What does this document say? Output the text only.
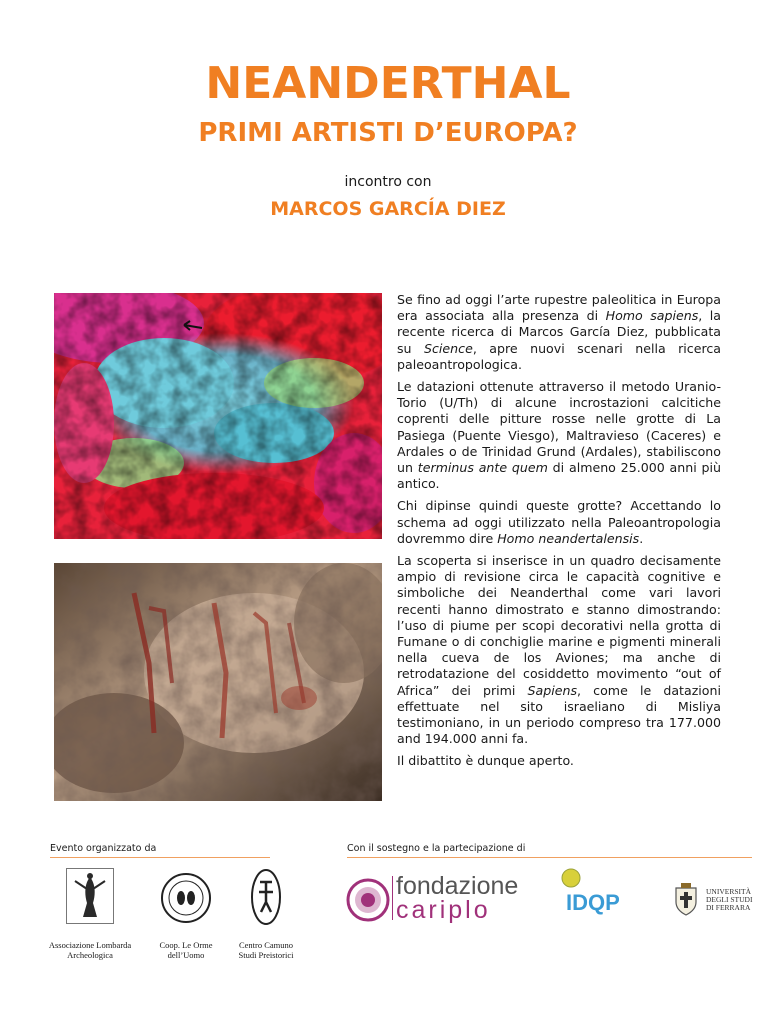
NEANDERTHAL
PRIMI ARTISTI D’EUROPA?
incontro con
MARCOS GARCÍA DIEZ

Se fino ad oggi l’arte rupestre paleolitica in Europa era associata alla presenza di Homo sapiens, la recente ricerca di Marcos García Diez, pubblicata su Science, apre nuovi scenari nella ricerca paleoantropologica.

Le datazioni ottenute attraverso il metodo Uranio-Torio (U/Th) di alcune incrostazioni calcitiche coprenti delle pitture rosse nelle grotte di La Pasiega (Puente Viesgo), Maltravieso (Caceres) e Ardales o de Trinidad Grund (Ardales), stabiliscono un terminus ante quem di almeno 25.000 anni più antico.

Chi dipinse quindi queste grotte? Accettando lo schema ad oggi utilizzato nella Paleoantropologia dovremmo dire Homo neandertalensis.

La scoperta si inserisce in un quadro decisamente ampio di revisione circa le capacità cognitive e simboliche dei Neanderthal come vari lavori recenti hanno dimostrato e stanno dimostrando: l’uso di piume per scopi decorativi nella grotta di Fumane o di conchiglie marine e pigmenti minerali nella cueva de los Aviones; ma anche di retrodatazione del cosiddetto movimento “out of Africa” dei primi Sapiens, come le datazioni effettuate nel sito israeliano di Misliya testimoniano, in un periodo compreso tra 177.000 and 194.000 anni fa.

Il dibattito è dunque aperto.

Evento organizzato da
Associazione Lombarda
Archeologica
Coop. Le Orme
dell’Uomo
Centro Camuno
Studi Preistorici
Con il sostegno e la partecipazione di
fondazione
cariplo	IDQP	UNIVERSITÀ
DEGLI STUDI
DI FERRARA
